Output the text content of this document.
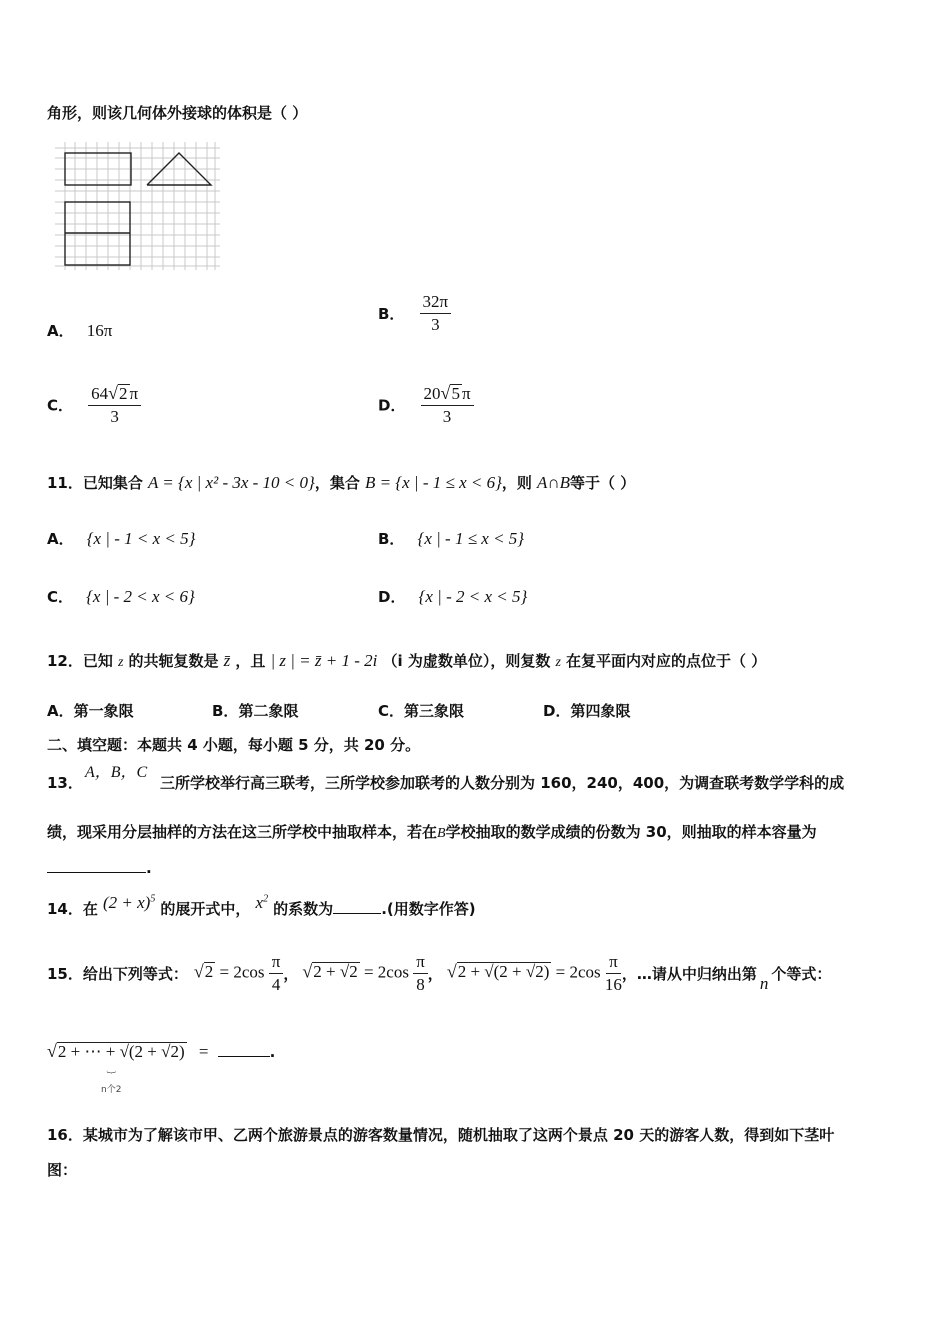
角形，则该几何体外接球的体积是（ ）
A． 16π
B． $\frac{32\pi}{3}$
C． $\frac{64√2 \pi}{3}$	D． $\frac{20√5 \pi}{3}$
11．已知集合 A = {x | x² - 3x - 10 < 0}，集合 B = {x | - 1 ≤ x < 6}，则 A∩B等于（ ）
A． {x | - 1 < x < 5}	B． {x | - 1 ≤ x < 5}
C． {x | - 2 < x < 6}	D． {x | - 2 < x < 5}
12．已知 z 的共轭复数是 z̄ ，且 | z | = z̄ + 1 - 2i （i 为虚数单位），则复数 z 在复平面内对应的点位于（ ）
A．第一象限	B．第二象限	C．第三象限	D．第四象限
二、填空题：本题共 4 小题，每小题 5 分，共 20 分。
13．
A，B，C
三所学校举行高三联考，三所学校参加联考的人数分别为 160，240，400，为调查联考数学学科的成
绩，现采用分层抽样的方法在这三所学校中抽取样本，若在B学校抽取的数学成绩的份数为 30，则抽取的样本容量为
.
14．在 $(2 + x)^5$ 的展开式中， $x^2$ 的系数为	.(用数字作答)
15． 给出下列等式： $√2 = 2\cos \frac{\pi}{4}$ ， $√2 + √2 = 2\cos \frac{\pi}{8}$ ， $√2 + √(2 + √2) = 2\cos \frac{\pi}{16}$ ，…请从中归纳出第 n 个等式：
√2 + ⋯ + √(2 + √2) =	.
︸
n个2
16．某城市为了解该市甲、乙两个旅游景点的游客数量情况，随机抽取了这两个景点 20 天的游客人数，得到如下茎叶
图：
